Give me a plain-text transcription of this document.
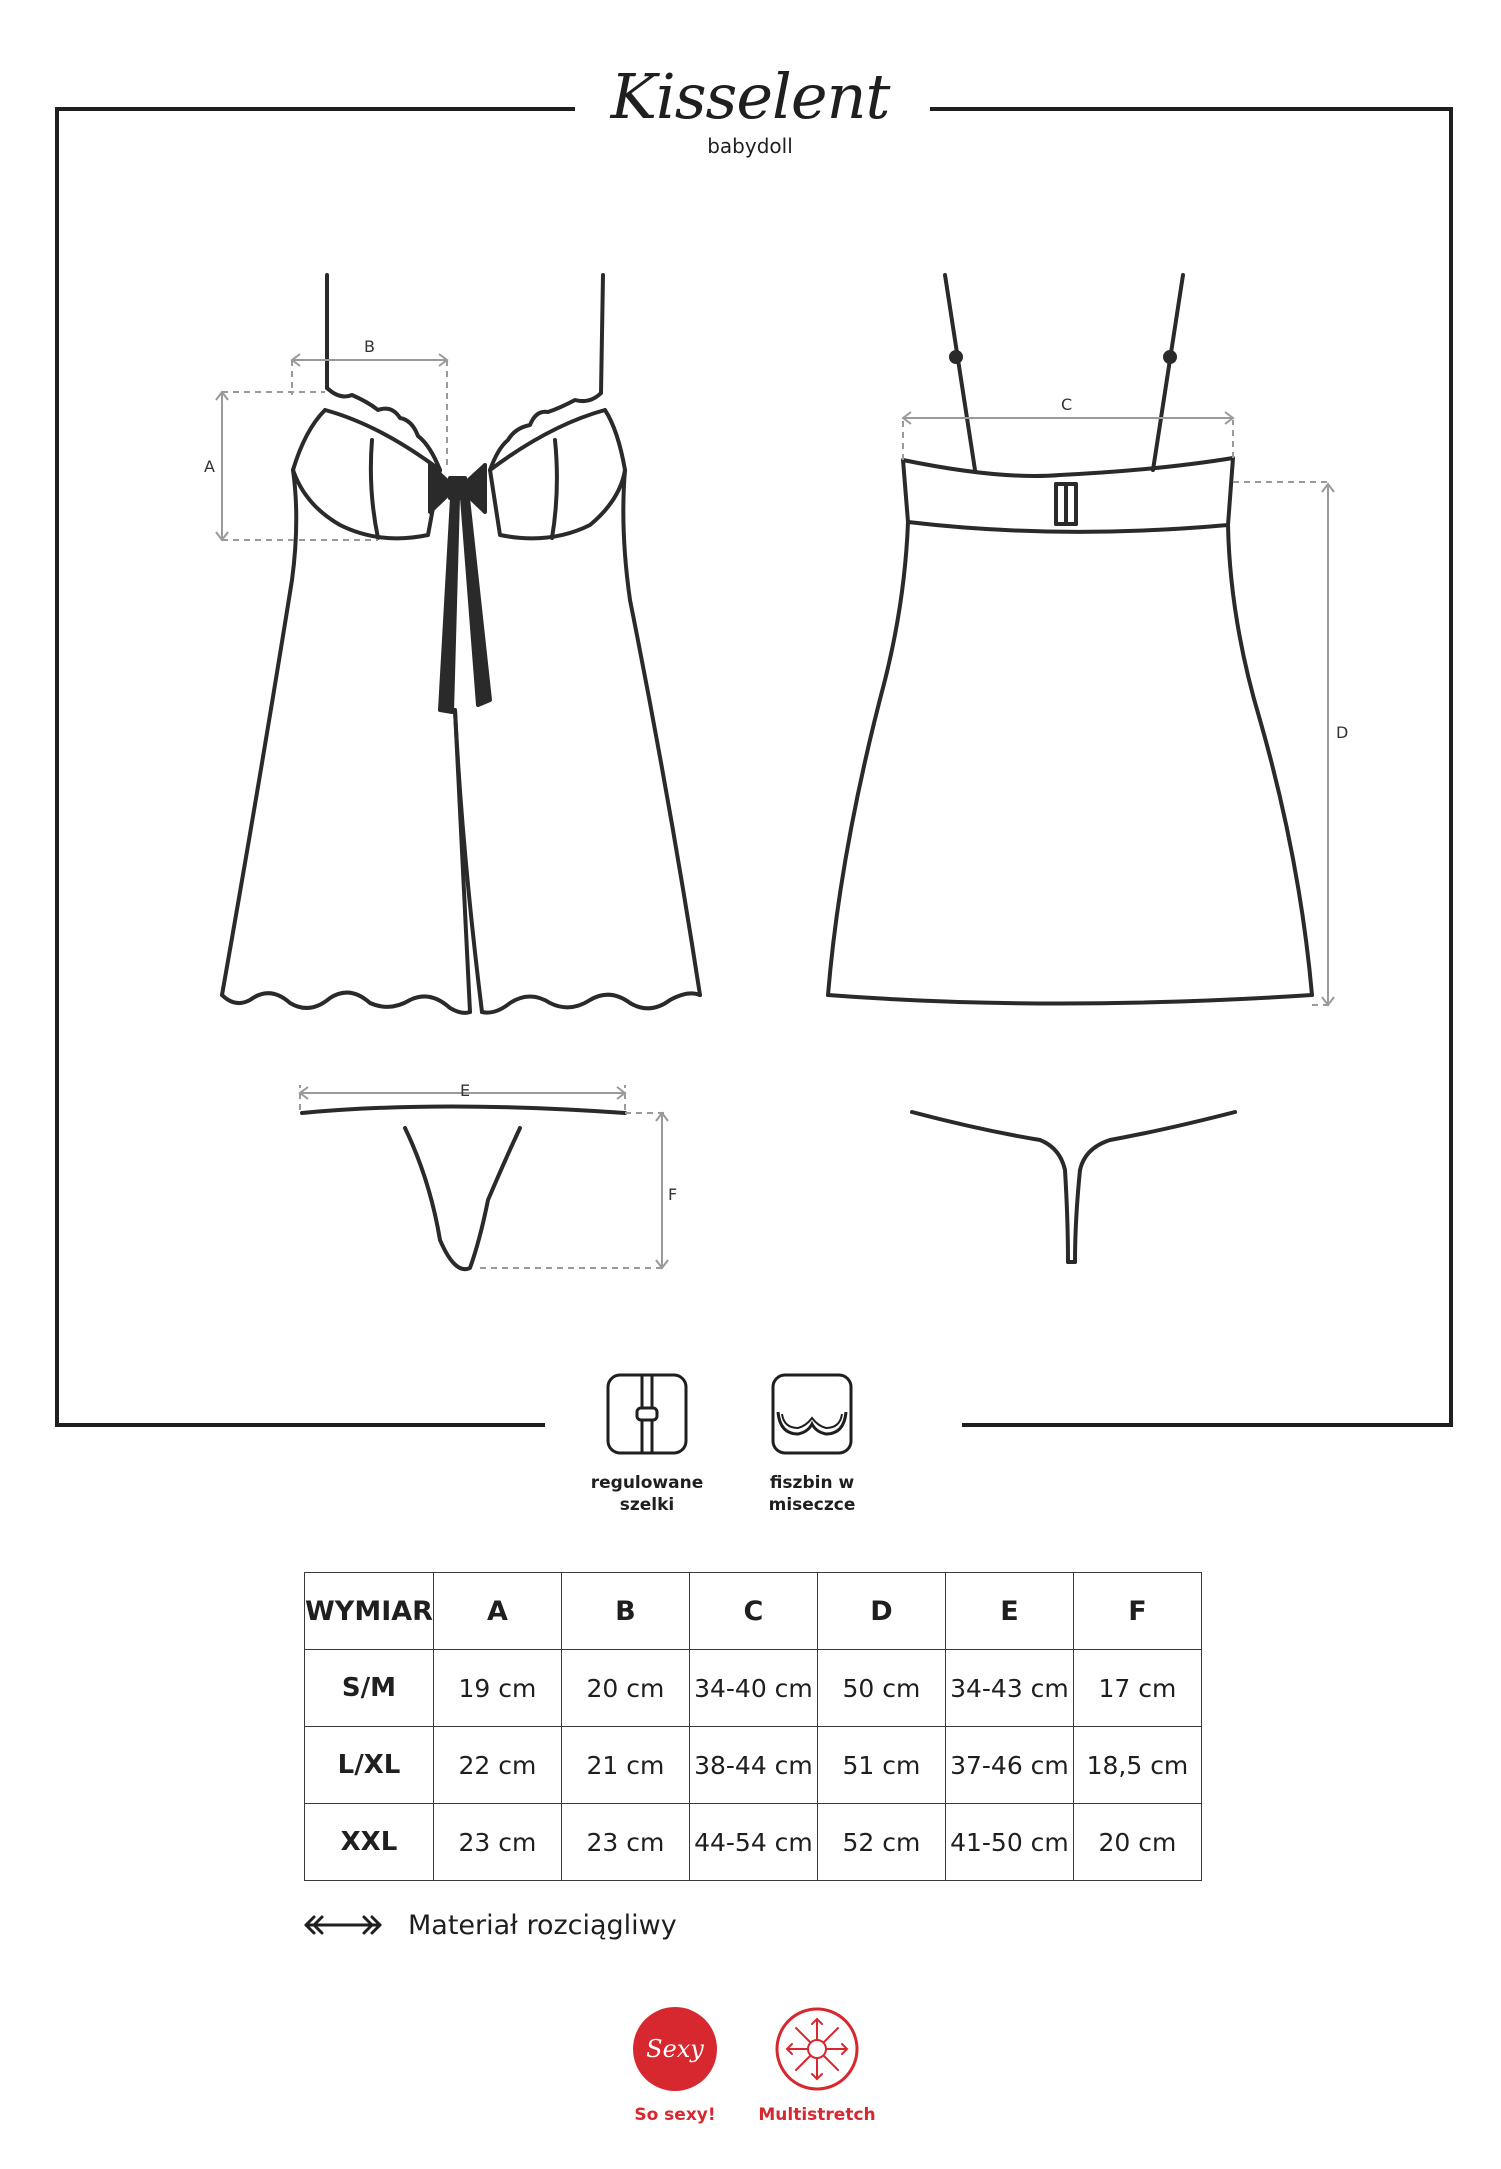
Kisselent
babydoll
A
B
C
D
E
F
regulowane
szelki
fiszbin w miseczce
WYMIAR	A	B	C	D	E	F
S/M	19 cm	20 cm	34-40 cm	50 cm	34-43 cm	17 cm
L/XL	22 cm	21 cm	38-44 cm	51 cm	37-46 cm	18,5 cm
XXL	23 cm	23 cm	44-54 cm	52 cm	41-50 cm	20 cm
Materiał rozciągliwy
Sexy
So sexy!	Multistretch
